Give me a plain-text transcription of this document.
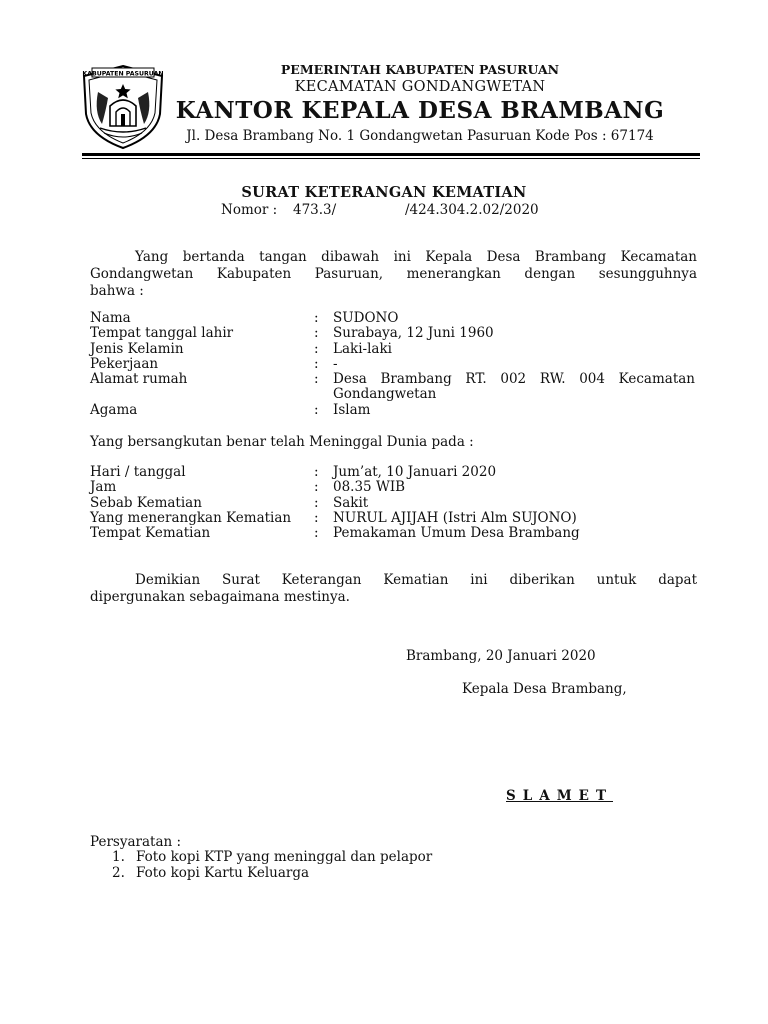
KABUPATEN PASURUAN	PEMERINTAH KABUPATEN PASURUAN
KECAMATAN GONDANGWETAN
KANTOR KEPALA DESA BRAMBANG
Jl. Desa Brambang No. 1 Gondangwetan Pasuruan Kode Pos : 67174
SURAT KETERANGAN KEMATIAN
Nomor : 473.3/	/424.304.2.02/2020
Yang bertanda tangan dibawah ini Kepala Desa Brambang Kecamatan
Gondangwetan Kabupaten Pasuruan, menerangkan dengan sesungguhnya
bahwa :
Nama	: SUDONO
Tempat tanggal lahir	: Surabaya, 12 Juni 1960
Jenis Kelamin	: Laki-laki
Pekerjaan	: -
Alamat rumah	: Desa Brambang RT. 002 RW. 004 Kecamatan
Gondangwetan
Agama	: Islam
Yang bersangkutan benar telah Meninggal Dunia pada :
Hari / tanggal	: Jum’at, 10 Januari 2020
Jam	: 08.35 WIB
Sebab Kematian	: Sakit
Yang menerangkan Kematian : NURUL AJIJAH (Istri Alm SUJONO)
Tempat Kematian	: Pemakaman Umum Desa Brambang
Demikian Surat Keterangan Kematian ini diberikan untuk dapat
dipergunakan sebagaimana mestinya.
Brambang, 20 Januari 2020
Kepala Desa Brambang,
SLAMET
Persyaratan :
1. Foto kopi KTP yang meninggal dan pelapor
2. Foto kopi Kartu Keluarga
